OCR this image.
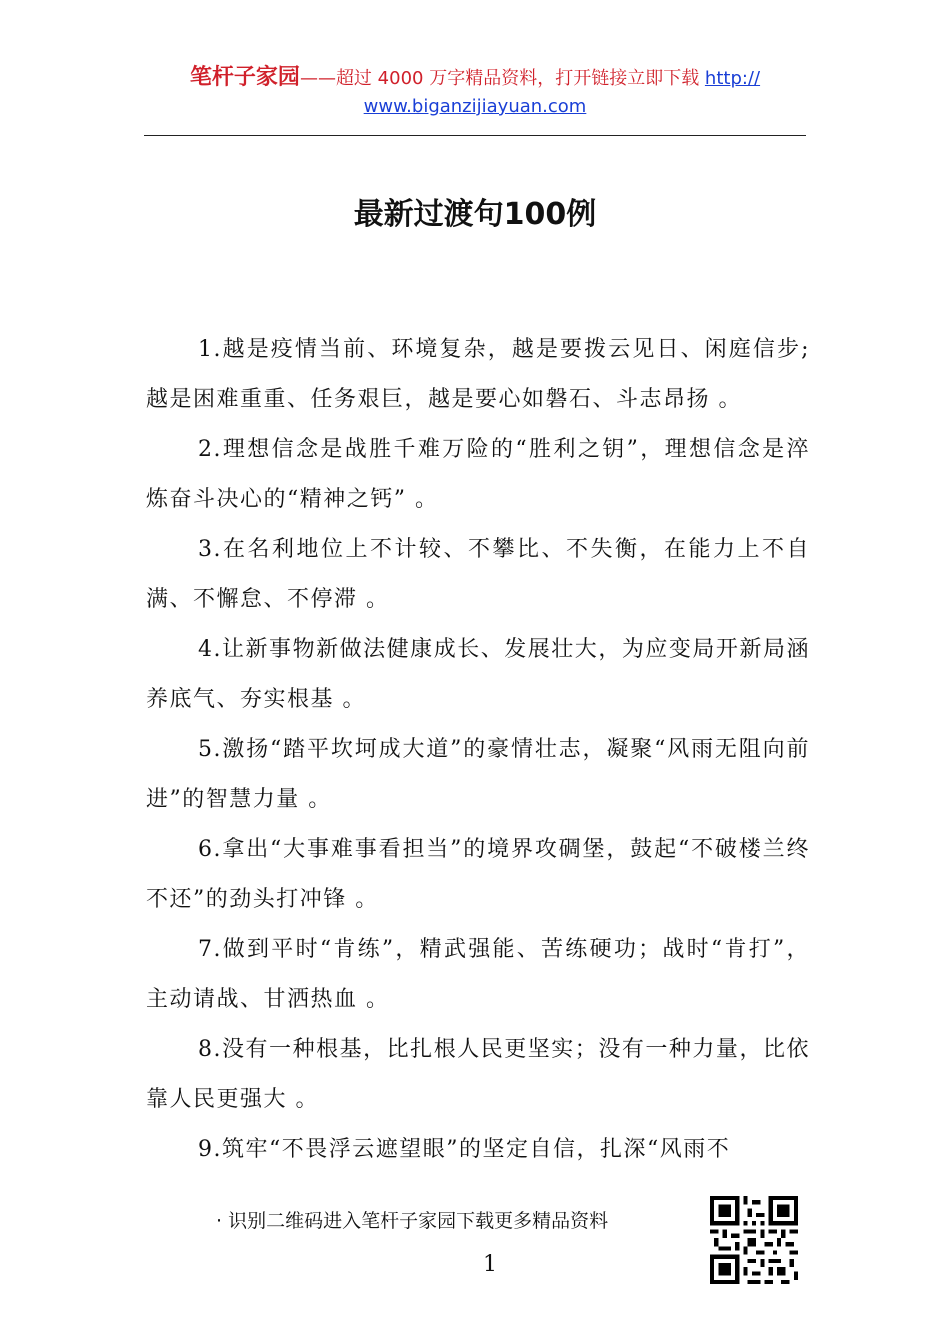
笔杆子家园——超过 4000 万字精品资料，打开链接立即下载 http://
www.biganzijiayuan.com
最新过渡句100例

1.越是疫情当前、环境复杂，越是要拨云见日、闲庭信步;越是困难重重、任务艰巨，越是要心如磐石、斗志昂扬 。

2.理想信念是战胜千难万险的“胜利之钥”，理想信念是淬炼奋斗决心的“精神之钙” 。

3.在名利地位上不计较、不攀比、不失衡，在能力上不自满、不懈怠、不停滞 。

4.让新事物新做法健康成长、发展壮大，为应变局开新局涵养底气、夯实根基 。

5.激扬“踏平坎坷成大道”的豪情壮志，凝聚“风雨无阻向前进”的智慧力量 。

6.拿出“大事难事看担当”的境界攻碉堡，鼓起“不破楼兰终不还”的劲头打冲锋 。

7.做到平时“肯练”，精武强能、苦练硬功；战时“肯打”，主动请战、甘洒热血 。

8.没有一种根基，比扎根人民更坚实；没有一种力量，比依靠人民更强大 。

9.筑牢“不畏浮云遮望眼”的坚定自信，扎深“风雨不

· 识别二维码进入笔杆子家园下载更多精品资料
1
